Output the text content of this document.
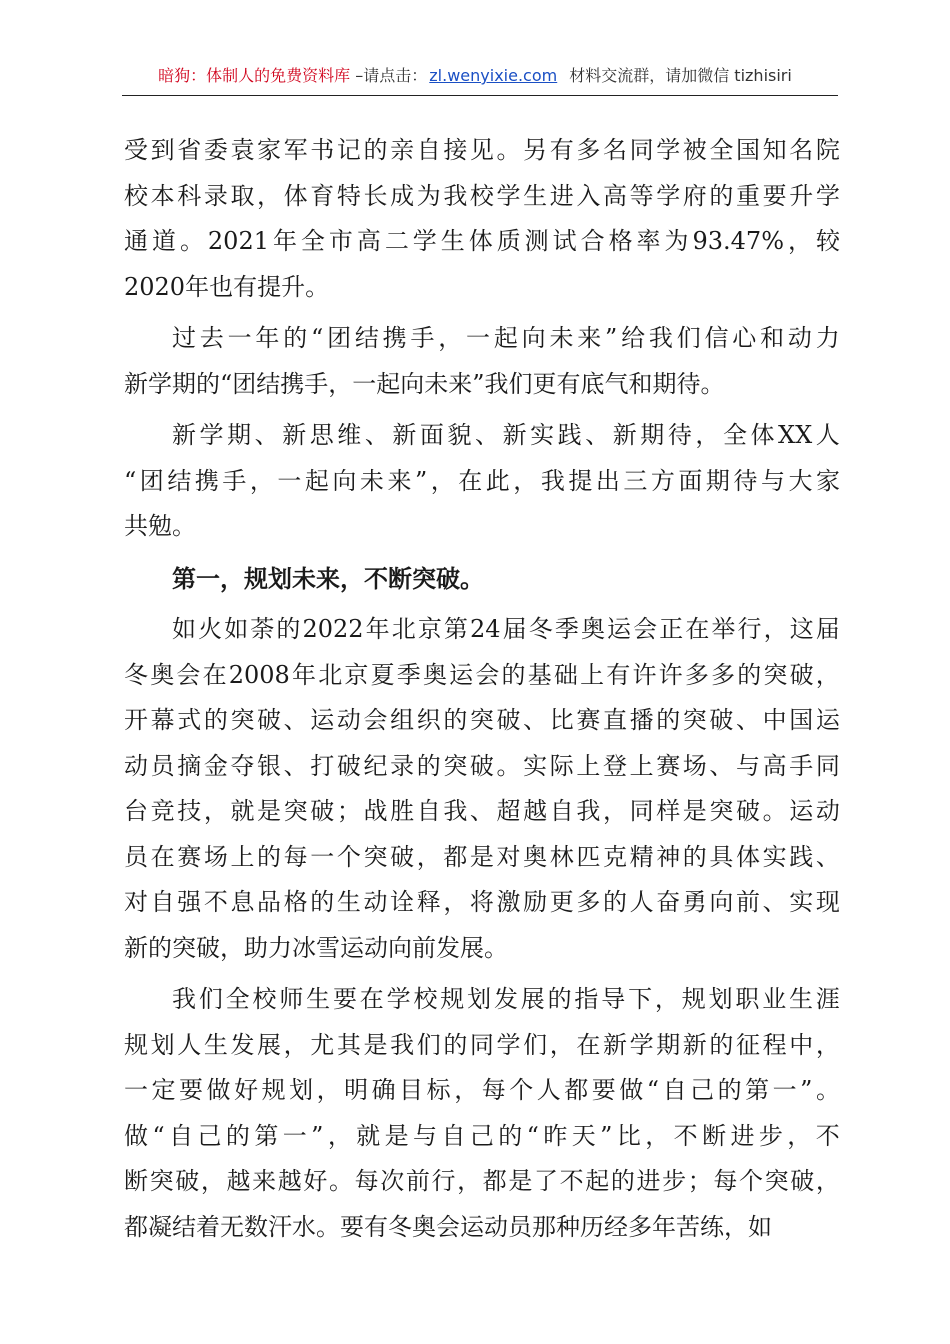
暗狗：体制人的免费资料库 –请点击： zl.wenyixie.com 材料交流群，请加微信 tizhisiri
受 到 省 委 袁 家 军 书 记 的 亲 自 接 见 。 另 有 多 名 同 学 被 全 国 知 名 院
校 本 科 录 取 ， 体 育 特 长 成 为 我 校 学 生 进 入 高 等 学 府 的 重 要 升 学
通 道 。 2021 年 全 市 高 二 学 生 体 质 测 试 合 格 率 为 93.47% ， 较
2020年也有提升。
过 去 一 年 的 “ 团 结 携 手 ， 一 起 向 未 来 ” 给 我 们 信 心 和 动 力
新学期的“团结携手，一起向未来”我们更有底气和期待。
新 学 期 、 新 思 维 、 新 面 貌 、 新 实 践 、 新 期 待 ， 全 体 XX 人
“ 团 结 携 手 ， 一 起 向 未 来 ” ， 在 此 ， 我 提 出 三 方 面 期 待 与 大 家
共勉。
第一，规划未来，不断突破。
如 火 如 荼 的 2022 年 北 京 第 24 届 冬 季 奥 运 会 正 在 举 行 ， 这 届
冬 奥 会 在 2008 年 北 京 夏 季 奥 运 会 的 基 础 上 有 许 许 多 多 的 突 破 ，
开 幕 式 的 突 破 、 运 动 会 组 织 的 突 破 、 比 赛 直 播 的 突 破 、 中 国 运
动 员 摘 金 夺 银 、 打 破 纪 录 的 突 破 。 实 际 上 登 上 赛 场 、 与 高 手 同
台 竞 技 ， 就 是 突 破 ； 战 胜 自 我 、 超 越 自 我 ， 同 样 是 突 破 。 运 动
员 在 赛 场 上 的 每 一 个 突 破 ， 都 是 对 奥 林 匹 克 精 神 的 具 体 实 践 、
对 自 强 不 息 品 格 的 生 动 诠 释 ， 将 激 励 更 多 的 人 奋 勇 向 前 、 实 现
新的突破，助力冰雪运动向前发展。
我 们 全 校 师 生 要 在 学 校 规 划 发 展 的 指 导 下 ， 规 划 职 业 生 涯
规 划 人 生 发 展 ， 尤 其 是 我 们 的 同 学 们 ， 在 新 学 期 新 的 征 程 中 ，
一 定 要 做 好 规 划 ， 明 确 目 标 ， 每 个 人 都 要 做 “ 自 己 的 第 一 ” 。
做 “ 自 己 的 第 一 ” ， 就 是 与 自 己 的 “ 昨 天 ” 比 ， 不 断 进 步 ， 不
断 突 破 ， 越 来 越 好 。 每 次 前 行 ， 都 是 了 不 起 的 进 步 ； 每 个 突 破 ，
都凝结着无数汗水。要有冬奥会运动员那种历经多年苦练，如
